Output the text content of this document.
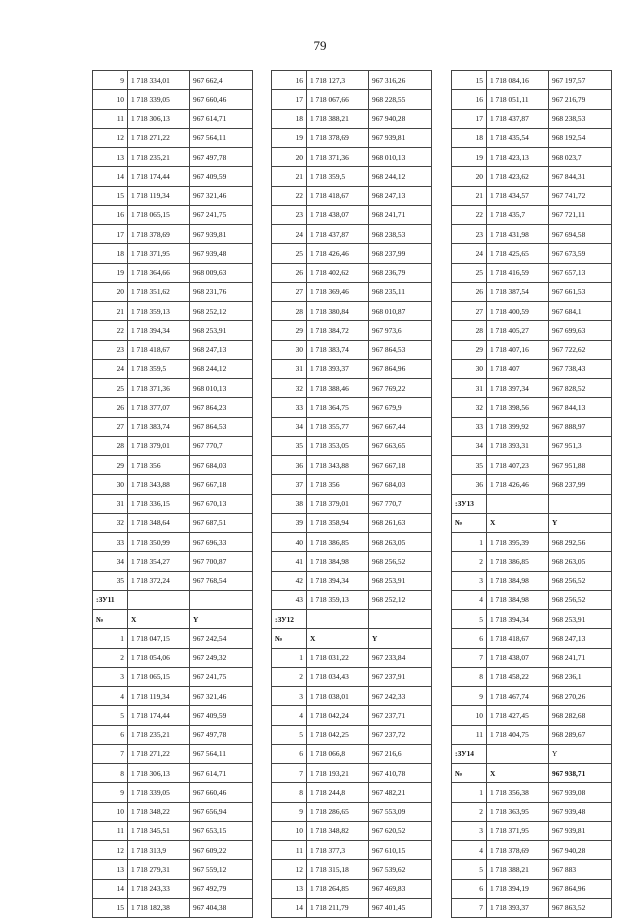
79
9	1 718 334,01	967 662,4
10	1 718 339,05	967 660,46
11	1 718 306,13	967 614,71
12	1 718 271,22	967 564,11
13	1 718 235,21	967 497,78
14	1 718 174,44	967 409,59
15	1 718 119,34	967 321,46
16	1 718 065,15	967 241,75
17	1 718 378,69	967 939,81
18	1 718 371,95	967 939,48
19	1 718 364,66	968 009,63
20	1 718 351,62	968 231,76
21	1 718 359,13	968 252,12
22	1 718 394,34	968 253,91
23	1 718 418,67	968 247,13
24	1 718 359,5	968 244,12
25	1 718 371,36	968 010,13
26	1 718 377,07	967 864,23
27	1 718 383,74	967 864,53
28	1 718 379,01	967 770,7
29	1 718 356	967 684,03
30	1 718 343,88	967 667,18
31	1 718 336,15	967 670,13
32	1 718 348,64	967 687,51
33	1 718 350,99	967 696,33
34	1 718 354,27	967 700,87
35	1 718 372,24	967 768,54
:ЗУ11		
№	X	Y
1	1 718 047,15	967 242,54
2	1 718 054,06	967 249,32
3	1 718 065,15	967 241,75
4	1 718 119,34	967 321,46
5	1 718 174,44	967 409,59
6	1 718 235,21	967 497,78
7	1 718 271,22	967 564,11
8	1 718 306,13	967 614,71
9	1 718 339,05	967 660,46
10	1 718 348,22	967 656,94
11	1 718 345,51	967 653,15
12	1 718 313,9	967 609,22
13	1 718 279,31	967 559,12
14	1 718 243,33	967 492,79
15	1 718 182,38	967 404,38
16	1 718 127,3	967 316,26
17	1 718 067,66	968 228,55
18	1 718 388,21	967 940,28
19	1 718 378,69	967 939,81
20	1 718 371,36	968 010,13
21	1 718 359,5	968 244,12
22	1 718 418,67	968 247,13
23	1 718 438,07	968 241,71
24	1 718 437,87	968 238,53
25	1 718 426,46	968 237,99
26	1 718 402,62	968 236,79
27	1 718 369,46	968 235,11
28	1 718 380,84	968 010,87
29	1 718 384,72	967 973,6
30	1 718 383,74	967 864,53
31	1 718 393,37	967 864,96
32	1 718 388,46	967 769,22
33	1 718 364,75	967 679,9
34	1 718 355,77	967 667,44
35	1 718 353,05	967 663,65
36	1 718 343,88	967 667,18
37	1 718 356	967 684,03
38	1 718 379,01	967 770,7
39	1 718 358,94	968 261,63
40	1 718 386,85	968 263,05
41	1 718 384,98	968 256,52
42	1 718 394,34	968 253,91
43	1 718 359,13	968 252,12
:ЗУ12		
№	X	Y
1	1 718 031,22	967 233,84
2	1 718 034,43	967 237,91
3	1 718 038,01	967 242,33
4	1 718 042,24	967 237,71
5	1 718 042,25	967 237,72
6	1 718 066,8	967 216,6
7	1 718 193,21	967 410,78
8	1 718 244,8	967 482,21
9	1 718 286,65	967 553,09
10	1 718 348,82	967 620,52
11	1 718 377,3	967 610,15
12	1 718 315,18	967 539,62
13	1 718 264,85	967 469,83
14	1 718 211,79	967 401,45
15	1 718 084,16	967 197,57
16	1 718 051,11	967 216,79
17	1 718 437,87	968 238,53
18	1 718 435,54	968 192,54
19	1 718 423,13	968 023,7
20	1 718 423,62	967 844,31
21	1 718 434,57	967 741,72
22	1 718 435,7	967 721,11
23	1 718 431,98	967 694,58
24	1 718 425,65	967 673,59
25	1 718 416,59	967 657,13
26	1 718 387,54	967 661,53
27	1 718 400,59	967 684,1
28	1 718 405,27	967 699,63
29	1 718 407,16	967 722,62
30	1 718 407	967 738,43
31	1 718 397,34	967 828,52
32	1 718 398,56	967 844,13
33	1 718 399,92	967 888,97
34	1 718 393,31	967 951,3
35	1 718 407,23	967 951,88
36	1 718 426,46	968 237,99
:ЗУ13		
№	X	Y
1	1 718 395,39	968 292,56
2	1 718 386,85	968 263,05
3	1 718 384,98	968 256,52
4	1 718 384,98	968 256,52
5	1 718 394,34	968 253,91
6	1 718 418,67	968 247,13
7	1 718 438,07	968 241,71
8	1 718 458,22	968 236,1
9	1 718 467,74	968 270,26
10	1 718 427,45	968 282,68
11	1 718 404,75	968 289,67
:ЗУ14		Y
№	X	967 938,71
1	1 718 356,38	967 939,08
2	1 718 363,95	967 939,48
3	1 718 371,95	967 939,81
4	1 718 378,69	967 940,28
5	1 718 388,21	967 883
6	1 718 394,19	967 864,96
7	1 718 393,37	967 863,52
